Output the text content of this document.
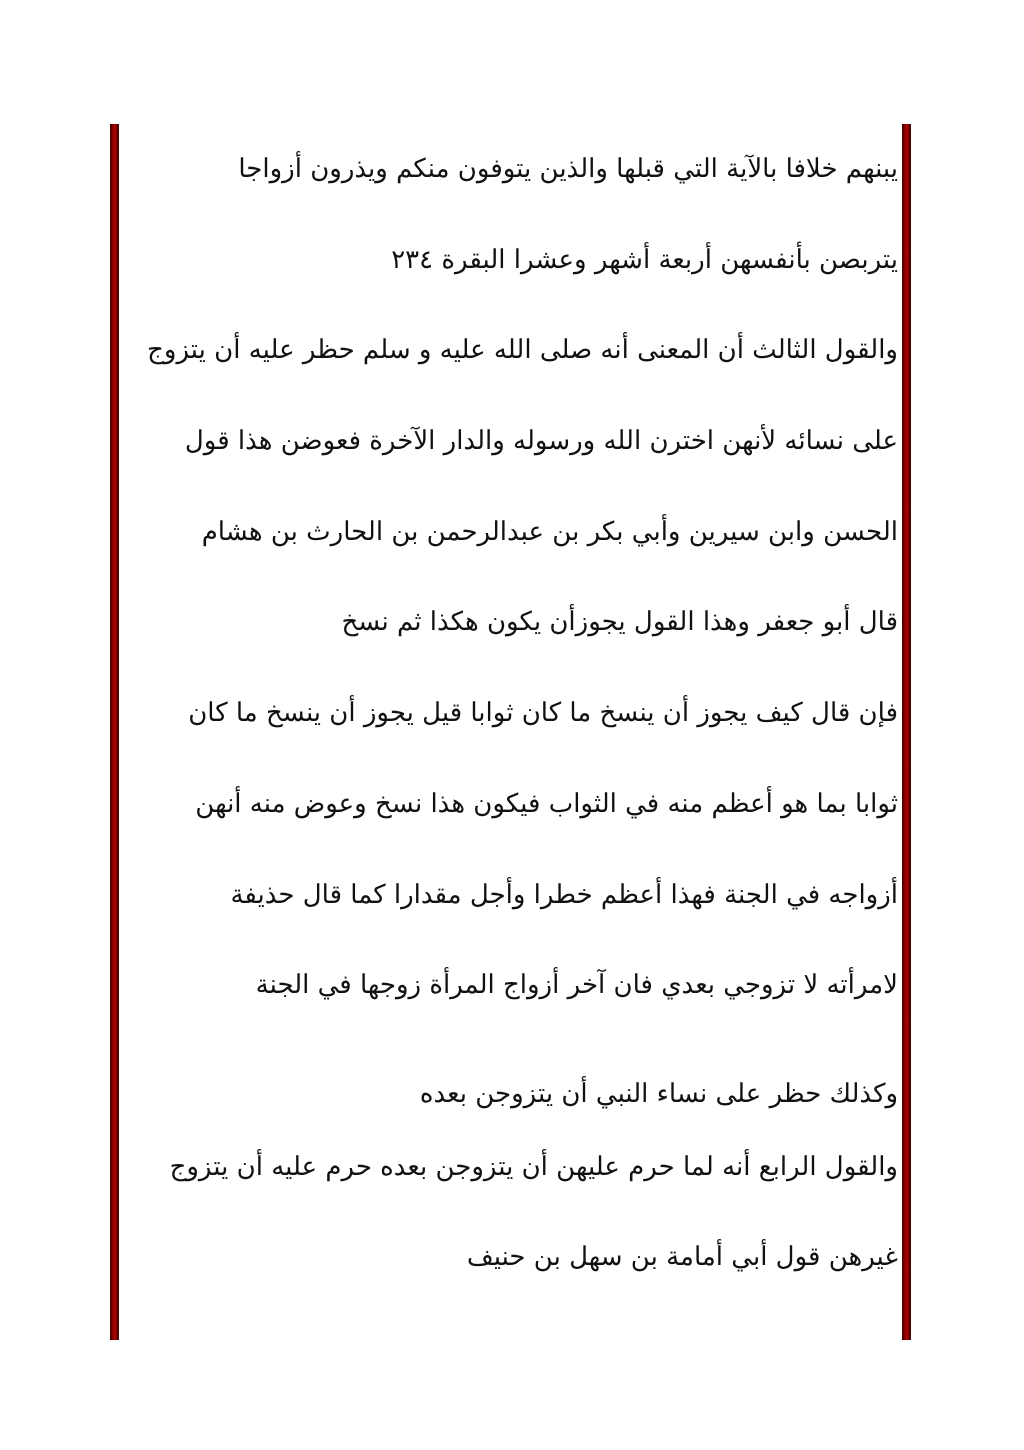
يبنهم خلافا بالآية التي قبلها والذين يتوفون منكم ويذرون أزواجا
يتربصن بأنفسهن أربعة أشهر وعشرا البقرة ٢٣٤
والقول الثالث أن المعنى أنه صلى الله عليه و سلم حظر عليه أن يتزوج
على نسائه لأنهن اخترن الله ورسوله والدار الآخرة فعوضن هذا قول
الحسن وابن سيرين وأبي بكر بن عبدالرحمن بن الحارث بن هشام
قال أبو جعفر وهذا القول يجوزأن يكون هكذا ثم نسخ
فإن قال كيف يجوز أن ينسخ ما كان ثوابا قيل يجوز أن ينسخ ما كان
ثوابا بما هو أعظم منه في الثواب فيكون هذا نسخ وعوض منه أنهن
أزواجه في الجنة فهذا أعظم خطرا وأجل مقدارا كما قال حذيفة
لامرأته لا تزوجي بعدي فان آخر أزواج المرأة زوجها في الجنة
وكذلك حظر على نساء النبي أن يتزوجن بعده
والقول الرابع أنه لما حرم عليهن أن يتزوجن بعده حرم عليه أن يتزوج
غيرهن قول أبي أمامة بن سهل بن حنيف
